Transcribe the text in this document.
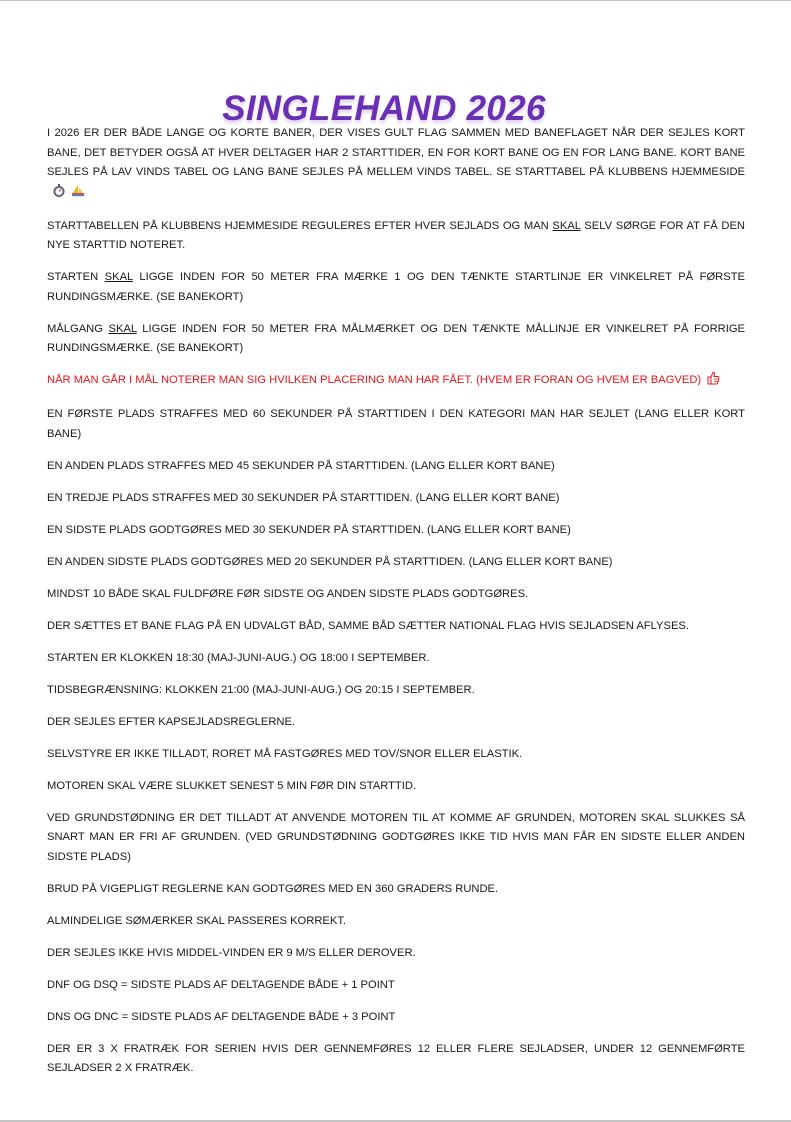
SINGLEHAND 2026

I 2026 ER DER BÅDE LANGE OG KORTE BANER, DER VISES GULT FLAG SAMMEN MED BANEFLAGET NÅR DER SEJLES KORT BANE, DET BETYDER OGSÅ AT HVER DELTAGER HAR 2 STARTTIDER, EN FOR KORT BANE OG EN FOR LANG BANE. KORT BANE SEJLES PÅ LAV VINDS TABEL OG LANG BANE SEJLES PÅ MELLEM VINDS TABEL. SE STARTTABEL PÅ KLUBBENS HJEMMESIDE

STARTTABELLEN PÅ KLUBBENS HJEMMESIDE REGULERES EFTER HVER SEJLADS OG MAN SKAL SELV SØRGE FOR AT FÅ DEN NYE STARTTID NOTERET.

STARTEN SKAL LIGGE INDEN FOR 50 METER FRA MÆRKE 1 OG DEN TÆNKTE STARTLINJE ER VINKELRET PÅ FØRSTE RUNDINGSMÆRKE. (SE BANEKORT)

MÅLGANG SKAL LIGGE INDEN FOR 50 METER FRA MÅLMÆRKET OG DEN TÆNKTE MÅLLINJE ER VINKELRET PÅ FORRIGE RUNDINGSMÆRKE. (SE BANEKORT)

NÅR MAN GÅR I MÅL NOTERER MAN SIG HVILKEN PLACERING MAN HAR FÅET. (HVEM ER FORAN OG HVEM ER BAGVED)

EN FØRSTE PLADS STRAFFES MED 60 SEKUNDER PÅ STARTTIDEN I DEN KATEGORI MAN HAR SEJLET (LANG ELLER KORT BANE)

EN ANDEN PLADS STRAFFES MED 45 SEKUNDER PÅ STARTTIDEN. (LANG ELLER KORT BANE)

EN TREDJE PLADS STRAFFES MED 30 SEKUNDER PÅ STARTTIDEN. (LANG ELLER KORT BANE)

EN SIDSTE PLADS GODTGØRES MED 30 SEKUNDER PÅ STARTTIDEN. (LANG ELLER KORT BANE)

EN ANDEN SIDSTE PLADS GODTGØRES MED 20 SEKUNDER PÅ STARTTIDEN. (LANG ELLER KORT BANE)

MINDST 10 BÅDE SKAL FULDFØRE FØR SIDSTE OG ANDEN SIDSTE PLADS GODTGØRES.

DER SÆTTES ET BANE FLAG PÅ EN UDVALGT BÅD, SAMME BÅD SÆTTER NATIONAL FLAG HVIS SEJLADSEN AFLYSES.

STARTEN ER KLOKKEN 18:30 (MAJ-JUNI-AUG.) OG 18:00 I SEPTEMBER.

TIDSBEGRÆNSNING: KLOKKEN 21:00 (MAJ-JUNI-AUG.) OG 20:15 I SEPTEMBER.

DER SEJLES EFTER KAPSEJLADSREGLERNE.

SELVSTYRE ER IKKE TILLADT, RORET MÅ FASTGØRES MED TOV/SNOR ELLER ELASTIK.

MOTOREN SKAL VÆRE SLUKKET SENEST 5 MIN FØR DIN STARTTID.

VED GRUNDSTØDNING ER DET TILLADT AT ANVENDE MOTOREN TIL AT KOMME AF GRUNDEN, MOTOREN SKAL SLUKKES SÅ SNART MAN ER FRI AF GRUNDEN. (VED GRUNDSTØDNING GODTGØRES IKKE TID HVIS MAN FÅR EN SIDSTE ELLER ANDEN SIDSTE PLADS)

BRUD PÅ VIGEPLIGT REGLERNE KAN GODTGØRES MED EN 360 GRADERS RUNDE.

ALMINDELIGE SØMÆRKER SKAL PASSERES KORREKT.

DER SEJLES IKKE HVIS MIDDEL-VINDEN ER 9 M/S ELLER DEROVER.

DNF OG DSQ = SIDSTE PLADS AF DELTAGENDE BÅDE + 1 POINT

DNS OG DNC = SIDSTE PLADS AF DELTAGENDE BÅDE + 3 POINT

DER ER 3 X FRATRÆK FOR SERIEN HVIS DER GENNEMFØRES 12 ELLER FLERE SEJLADSER, UNDER 12 GENNEMFØRTE SEJLADSER 2 X FRATRÆK.
